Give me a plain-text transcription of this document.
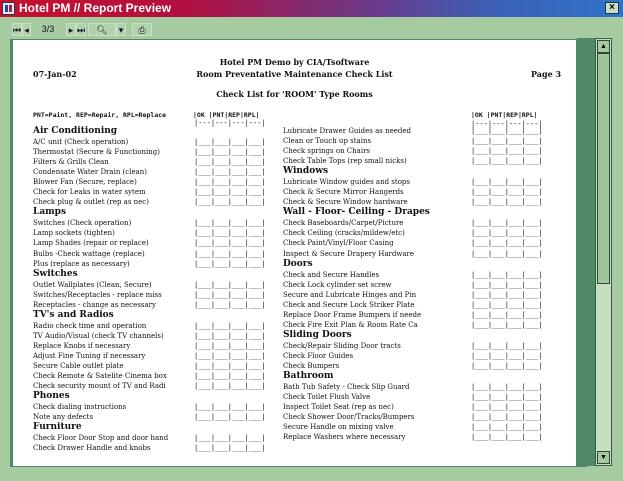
Hotel PM // Report Preview	×
⏮ ◂	3/3	▸ ⏭	🔍︎	▾	⎙
Hotel PM Demo by CIA/Tsoftware
07-Jan-02	Room Preventative Maintenance Check List	Page 3
Check List for 'ROOM' Type Rooms
PNT=Paint, REP=Repair, RPL=Replace	|OK |PNT|REP|RPL|
|---|---|---|---|
|OK |PNT|REP|RPL|
|---|---|---|---|
Air Conditioning
A/C unit (Check operation)	|___|___|___|___|
Thermostat (Secure & Functioning)	|___|___|___|___|
Filters & Grills Clean	|___|___|___|___|
Condensate Water Drain (clean)	|___|___|___|___|
Blower Fan (Secure, replace)	|___|___|___|___|
Check for Leaks in water sytem	|___|___|___|___|
Check plug & outlet (rep as nec)	|___|___|___|___|
Lamps
Switches (Check operation)	|___|___|___|___|
Lamp sockets (tighten)	|___|___|___|___|
Lamp Shades (repair or replace)	|___|___|___|___|
Bulbs -Check wattage (replace)	|___|___|___|___|
Plus (replace as necessary)	|___|___|___|___|
Switches
Outlet Wallplates (Clean, Secure)	|___|___|___|___|
Switches/Receptacles - replace miss	|___|___|___|___|
Receptacles - change as necessary	|___|___|___|___|
TV's and Radios
Radio check time and operation	|___|___|___|___|
TV Audio/Visual (check TV channels)	|___|___|___|___|
Replace Knobs if necessary	|___|___|___|___|
Adjust Fine Tuning if necessary	|___|___|___|___|
Secure Cable outlet plate	|___|___|___|___|
Check Remote & Satelite Cinema box	|___|___|___|___|
Check security mount of TV and Radi	|___|___|___|___|
Phones
Check dialing instructions	|___|___|___|___|
Note any defects	|___|___|___|___|
Furniture
Check Floor Door Stop and door hand	|___|___|___|___|
Check Drawer Handle and knobs	|___|___|___|___|
Lubricate Drawer Guides as needed	|___|___|___|___|
Clean or Touch up stains	|___|___|___|___|
Check springs on Chairs	|___|___|___|___|
Check Table Tops (rep small nicks)	|___|___|___|___|
Windows
Lubricate Window guides and stops	|___|___|___|___|
Check & Secure Mirror Hangerds	|___|___|___|___|
Check & Secure Window hardware	|___|___|___|___|
Wall - Floor- Ceiling - Drapes
Check Baseboards/Carpet/Picture	|___|___|___|___|
Check Ceiling (cracks/mildew/etc)	|___|___|___|___|
Check Paint/Vinyl/Floor Casing	|___|___|___|___|
Inspect & Secure Drapery Hardware	|___|___|___|___|
Doors
Check and Secure Handles	|___|___|___|___|
Check Lock cylinder set screw	|___|___|___|___|
Secure and Lubricate Hinges and Pin	|___|___|___|___|
Check and Secure Lock Striker Plate	|___|___|___|___|
Replace Door Frame Bumpers if neede	|___|___|___|___|
Check Fire Exit Plan & Room Rate Ca	|___|___|___|___|
Sliding Doors
Check/Repair Sliding Door tracts	|___|___|___|___|
Check Floor Guides	|___|___|___|___|
Check Bumpers	|___|___|___|___|
Bathroom
Bath Tub Safety - Check Slip Guard	|___|___|___|___|
Check Toilet Flush Valve	|___|___|___|___|
Inspect Toilet Seat (rep as nec)	|___|___|___|___|
Check Shower Door/Tracks/Bumpers	|___|___|___|___|
Secure Handle on mixing valve	|___|___|___|___|
Replace Washers where necessary	|___|___|___|___|
▲
▼
